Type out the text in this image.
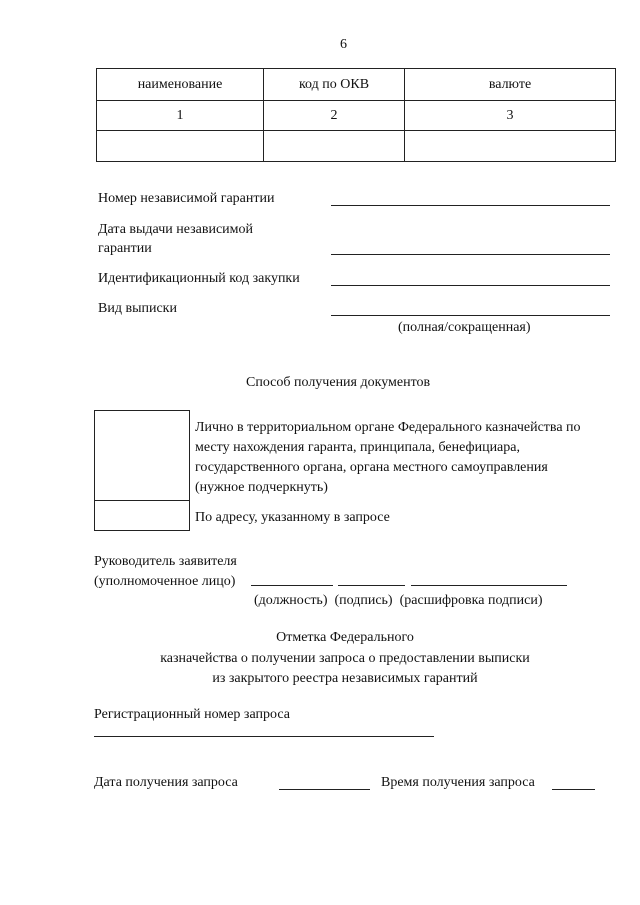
6
наименование	код по ОКВ	валюте
1	2	3

Номер независимой гарантии
Дата выдачи независимой
гарантии
Идентификационный код закупки
Вид выписки
(полная/сокращенная)
Способ получения документов
Лично в территориальном органе Федерального казначейства по
месту нахождения гаранта, принципала, бенефициара,
государственного органа, органа местного самоуправления
(нужное подчеркнуть)
По адресу, указанному в запросе
Руководитель заявителя
(уполномоченное лицо)
(должность)  (подпись)  (расшифровка подписи)
Отметка Федерального
казначейства о получении запроса о предоставлении выписки
из закрытого реестра независимых гарантий
Регистрационный номер запроса
Дата получения запроса	Время получения запроса
